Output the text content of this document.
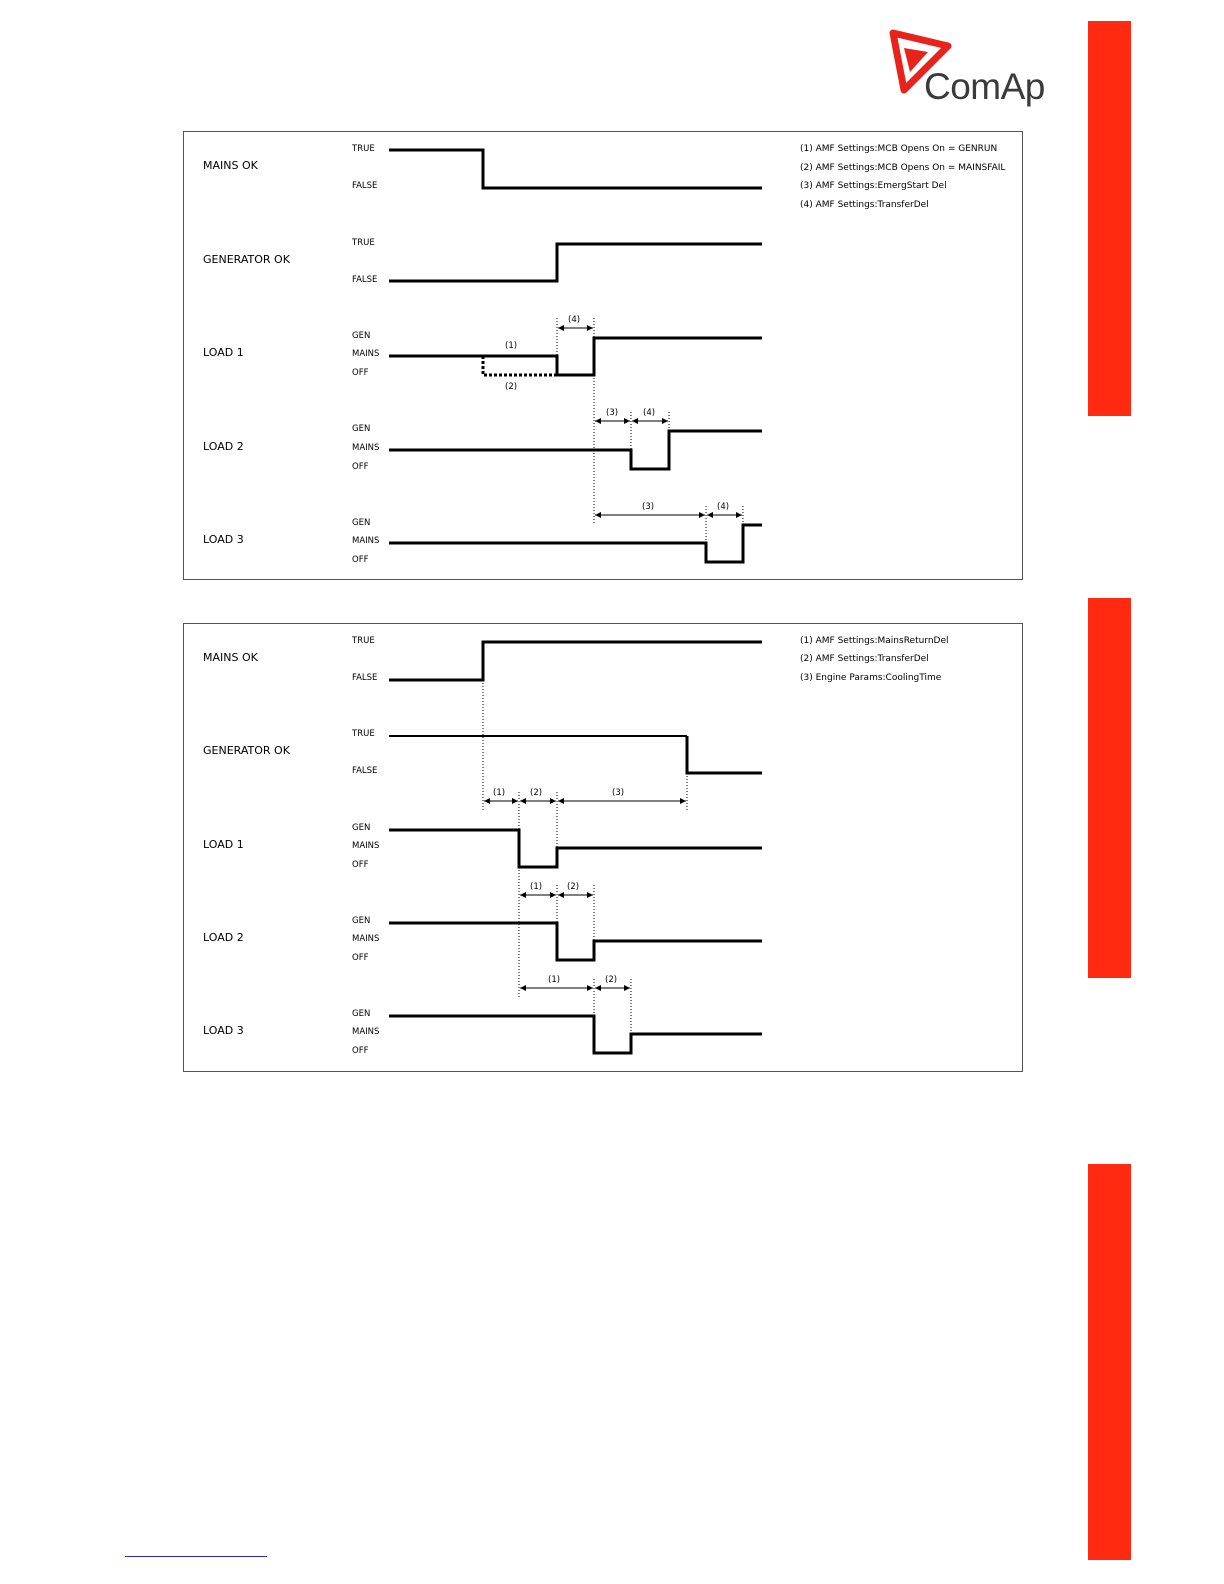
ComAp
MAINS OK
GENERATOR OK
LOAD 1
LOAD 2
LOAD 3
TRUE
FALSE
TRUE
FALSE
GEN
MAINS
OFF
GEN
MAINS
OFF
GEN
MAINS
OFF
(1) AMF Settings:MCB Opens On = GENRUN
(2) AMF Settings:MCB Opens On = MAINSFAIL
(3) AMF Settings:EmergStart Del
(4) AMF Settings:TransferDel
(4)
(1)
(2)
(3)	(4)
(3)	(4)
MAINS OK
GENERATOR OK
LOAD 1
LOAD 2
LOAD 3
TRUE
FALSE
TRUE
FALSE
GEN
MAINS
OFF
GEN
MAINS
OFF
GEN
MAINS
OFF
(1) AMF Settings:MainsReturnDel
(2) AMF Settings:TransferDel
(3) Engine Params:CoolingTime
(1)	(2)	(3)
(1)	(2)
(1)	(2)
